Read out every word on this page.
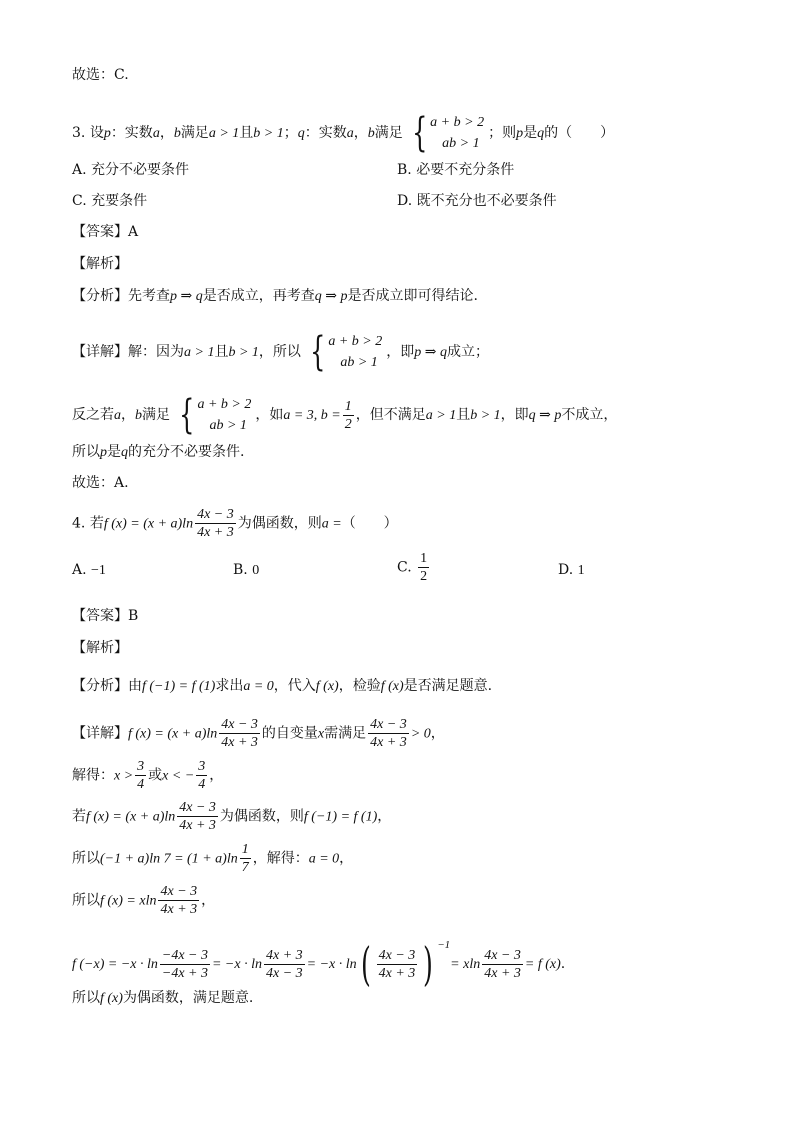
故选：C.
3. 设p：实数a，b满足a > 1且b > 1；q：实数a，b满足 { a + b > 2
ab > 1
；则p是q的（　　）
A. 充分不必要条件	B. 必要不充分条件
C. 充要条件	D. 既不充分也不必要条件
【答案】A
【解析】
【分析】先考查p ⇒ q是否成立，再考查q ⇒ p是否成立即可得结论.
【详解】解：因为a > 1且b > 1，所以 { a + b > 2
ab > 1
，即p ⇒ q成立；
反之若a，b满足 { a + b > 2
ab > 1
，如a = 3, $b = \frac{1}{2}$ ，但不满足a > 1且b > 1，即q ⇒ p不成立，
所以p是q的充分不必要条件.
故选：A.
4. 若f $(x) = (x + a)\ln \frac{4x - 3}{4x + 3}$ 为偶函数，则a =（　　）
A. −1	B. 0	C. $\frac{1}{2}$	D. 1
【答案】B
【解析】
【分析】由f (−1) = f (1)求出a = 0，代入f (x)，检验f (x)是否满足题意.
【详解】f $(x) = (x + a)\ln \frac{4x - 3}{4x + 3}$ 的自变量x需满足 $\frac{4x - 3}{4x + 3} > 0$，
解得：$x > \frac{3}{4}$ 或x < − $\frac{3}{4}$ ，
若f $(x) = (x + a)\ln \frac{4x - 3}{4x + 3}$ 为偶函数，则f (−1) = f (1)，
所以(−1 + a)ln $7 = (1 + a)\ln \frac{1}{7}$ ，解得：a = 0，
所以f (x) = xln $\frac{4x - 3}{4x + 3}$ ，
f $(-x) = -x \cdot \ln \frac{-4x - 3}{-4x + 3} = -x \cdot \ln \frac{4x + 3}{4x - 3} = -x \cdot \ln( \frac{4x - 3}{4x + 3}$ ) $^{-1}$= xln $\frac{4x - 3}{4x + 3} = f$ (x).
所以f (x)为偶函数，满足题意.
